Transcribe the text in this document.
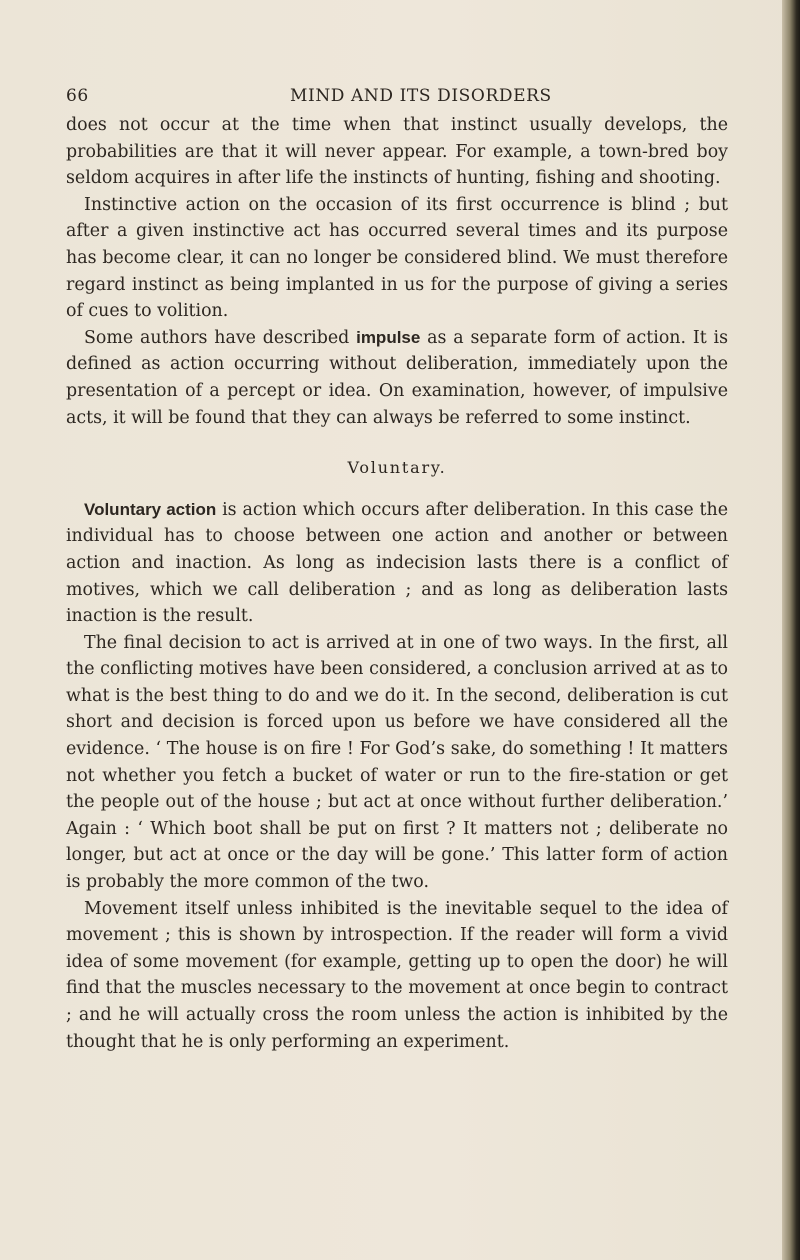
66	MIND AND ITS DISORDERS

does not occur at the time when that instinct usually develops, the probabilities are that it will never appear. For example, a town-bred boy seldom acquires in after life the instincts of hunting, fishing and shooting.

Instinctive action on the occasion of its first occurrence is blind ; but after a given instinctive act has occurred several times and its purpose has become clear, it can no longer be considered blind. We must therefore regard instinct as being implanted in us for the purpose of giving a series of cues to volition.

Some authors have described impulse as a separate form of action. It is defined as action occurring without deliberation, immediately upon the presentation of a percept or idea. On examination, however, of impulsive acts, it will be found that they can always be referred to some instinct.

Voluntary.

Voluntary action is action which occurs after deliberation. In this case the individual has to choose between one action and another or between action and inaction. As long as indecision lasts there is a conflict of motives, which we call deliberation ; and as long as deliberation lasts inaction is the result.

The final decision to act is arrived at in one of two ways. In the first, all the conflicting motives have been considered, a conclusion arrived at as to what is the best thing to do and we do it. In the second, deliberation is cut short and decision is forced upon us before we have considered all the evidence. ‘ The house is on fire ! For God’s sake, do something ! It matters not whether you fetch a bucket of water or run to the fire-station or get the people out of the house ; but act at once without further deliberation.’ Again : ‘ Which boot shall be put on first ? It matters not ; deliberate no longer, but act at once or the day will be gone.’ This latter form of action is probably the more common of the two.

Movement itself unless inhibited is the inevitable sequel to the idea of movement ; this is shown by introspection. If the reader will form a vivid idea of some movement (for example, getting up to open the door) he will find that the muscles necessary to the movement at once begin to contract ; and he will actually cross the room unless the action is inhibited by the thought that he is only performing an experiment.
